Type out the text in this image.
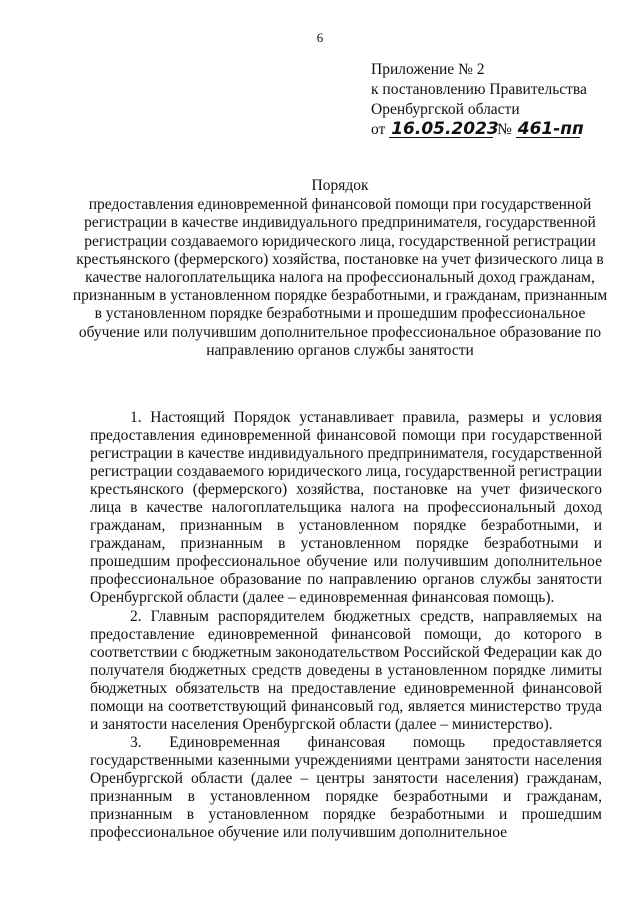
6
Приложение № 2
к постановлению Правительства
Оренбургской области
от 16.05.2023 № 461-пп
Порядок
предоставления единовременной финансовой помощи при государственной регистрации в качестве индивидуального предпринимателя, государственной регистрации создаваемого юридического лица, государственной регистрации крестьянского (фермерского) хозяйства, постановке на учет физического лица в качестве налогоплательщика налога на профессиональный доход гражданам, признанным в установленном порядке безработными, и гражданам, признанным в установленном порядке безработными и прошедшим профессиональное обучение или получившим дополнительное профессиональное образование по направлению органов службы занятости

1. Настоящий Порядок устанавливает правила, размеры и условия предоставления единовременной финансовой помощи при государственной регистрации в качестве индивидуального предпринимателя, государственной регистрации создаваемого юридического лица, государственной регистрации крестьянского (фермерского) хозяйства, постановке на учет физического лица в качестве налогоплательщика налога на профессиональный доход гражданам, признанным в установленном порядке безработными, и гражданам, признанным в установленном порядке безработными и прошедшим профессиональное обучение или получившим дополнительное профессиональное образование по направлению органов службы занятости Оренбургской области (далее – единовременная финансовая помощь).

2. Главным распорядителем бюджетных средств, направляемых на предоставление единовременной финансовой помощи, до которого в соответствии с бюджетным законодательством Российской Федерации как до получателя бюджетных средств доведены в установленном порядке лимиты бюджетных обязательств на предоставление единовременной финансовой помощи на соответствующий финансовый год, является министерство труда и занятости населения Оренбургской области (далее – министерство).

3. Единовременная финансовая помощь предоставляется государственными казенными учреждениями центрами занятости населения Оренбургской области (далее – центры занятости населения) гражданам, признанным в установленном порядке безработными и гражданам, признанным в установленном порядке безработными и прошедшим профессиональное обучение или получившим дополнительное
